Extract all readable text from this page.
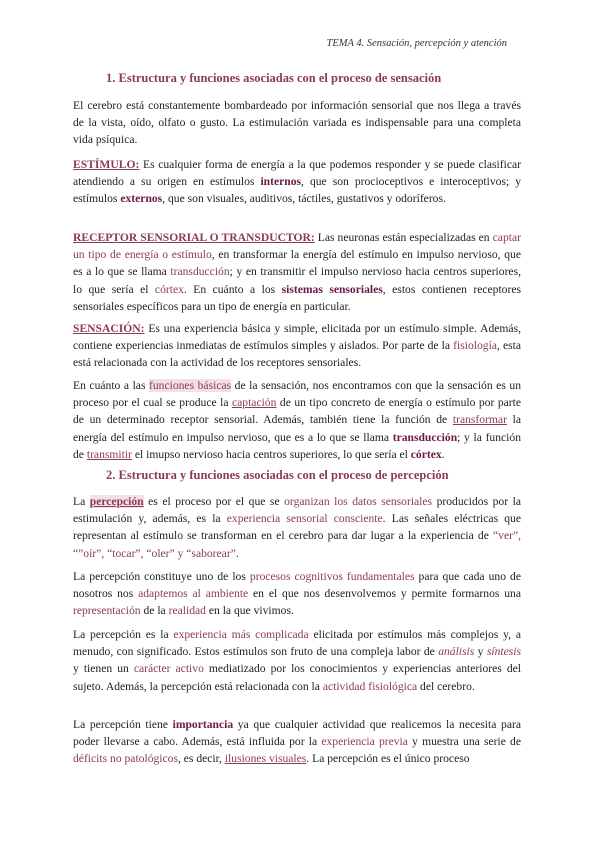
TEMA 4. Sensación, percepción y atención
1. Estructura y funciones asociadas con el proceso de sensación

El cerebro está constantemente bombardeado por información sensorial que nos llega a través de la vista, oído, olfato o gusto. La estimulación variada es indispensable para una completa vida psíquica.

ESTÍMULO: Es cualquier forma de energía a la que podemos responder y se puede clasificar atendiendo a su origen en estímulos internos, que son procioceptivos e interoceptivos; y estímulos externos, que son visuales, auditivos, táctiles, gustativos y odoríferos.

RECEPTOR SENSORIAL O TRANSDUCTOR: Las neuronas están especializadas en captar un tipo de energía o estímulo, en transformar la energía del estímulo en impulso nervioso, que es a lo que se llama transducción; y en transmitir el impulso nervioso hacia centros superiores, lo que sería el córtex. En cuánto a los sistemas sensoriales, estos contienen receptores sensoriales específicos para un tipo de energía en particular.

SENSACIÓN: Es una experiencia básica y simple, elicitada por un estímulo simple. Además, contiene experiencias inmediatas de estímulos simples y aislados. Por parte de la fisiología, esta está relacionada con la actividad de los receptores sensoriales.

En cuánto a las funciones básicas de la sensación, nos encontramos con que la sensación es un proceso por el cual se produce la captación de un tipo concreto de energía o estímulo por parte de un determinado receptor sensorial. Además, también tiene la función de transformar la energía del estímulo en impulso nervioso, que es a lo que se llama transducción; y la función de transmitir el imupso nervioso hacia centros superiores, lo que sería el córtex.

2. Estructura y funciones asociadas con el proceso de percepción

La percepción es el proceso por el que se organizan los datos sensoriales producidos por la estimulación y, además, es la experiencia sensorial consciente. Las señales eléctricas que representan al estímulo se transforman en el cerebro para dar lugar a la experiencia de “ver”, “”oír”, “tocar”, “oler” y “saborear”.

La percepción constituye uno de los procesos cognitivos fundamentales para que cada uno de nosotros nos adaptemos al ambiente en el que nos desenvolvemos y permite formarnos una representación de la realidad en la que vivimos.

La percepción es la experiencia más complicada elicitada por estímulos más complejos y, a menudo, con significado. Estos estímulos son fruto de una compleja labor de análisis y síntesis y tienen un carácter activo mediatizado por los conocimientos y experiencias anteriores del sujeto. Además, la percepción está relacionada con la actividad fisiológica del cerebro.

La percepción tiene importancia ya que cualquier actividad que realicemos la necesita para poder llevarse a cabo. Además, está influida por la experiencia previa y muestra una serie de déficits no patológicos, es decir, ilusiones visuales. La percepción es el único proceso
